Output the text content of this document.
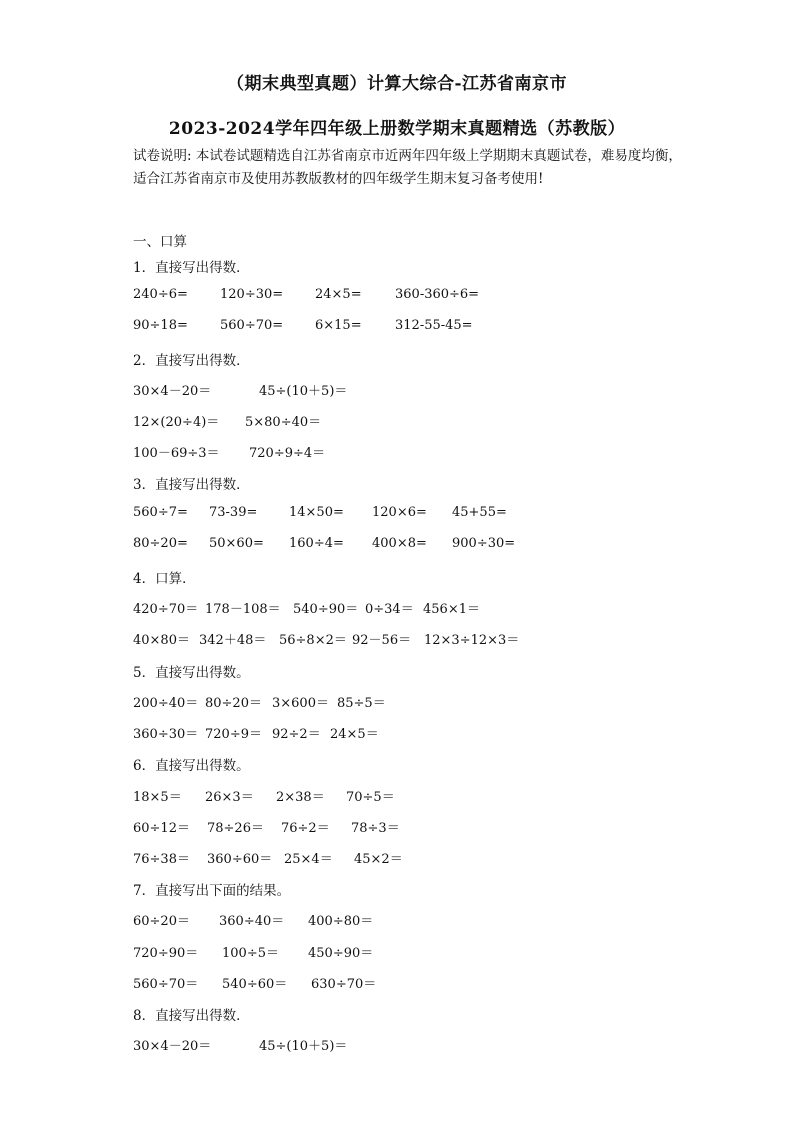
（期末典型真题）计算大综合-江苏省南京市
2023-2024学年四年级上册数学期末真题精选（苏教版）
试卷说明: 本试卷试题精选自江苏省南京市近两年四年级上学期期末真题试卷，难易度均衡，适合江苏省南京市及使用苏教版教材的四年级学生期末复习备考使用!
一、口算
1．直接写出得数．
240÷6= 120÷30= 24×5=	360-360÷6=
90÷18= 560÷70= 6×15=	312-55-45=
2．直接写出得数．
30×4－20＝	45÷(10＋5)＝
12×(20÷4)＝ 5×80÷40＝
100－69÷3＝ 720÷9÷4＝
3．直接写出得数．
560÷7= 73-39= 14×50= 120×6= 45+55=
80÷20= 50×60= 160÷4= 400×8= 900÷30=
4．口算．
420÷70＝ 178－108＝ 540÷90＝ 0÷34＝ 456×1＝
40×80＝ 342＋48＝ 56÷8×2＝ 92－56＝ 12×3÷12×3＝
5．直接写出得数。
200÷40＝ 80÷20＝ 3×600＝ 85÷5＝
360÷30＝ 720÷9＝ 92÷2＝ 24×5＝
6．直接写出得数。
18×5＝ 26×3＝ 2×38＝ 70÷5＝
60÷12＝ 78÷26＝ 76÷2＝ 78÷3＝
76÷38＝ 360÷60＝ 25×4＝ 45×2＝
7．直接写出下面的结果。
60÷20＝ 360÷40＝ 400÷80＝
720÷90＝ 100÷5＝ 450÷90＝
560÷70＝ 540÷60＝ 630÷70＝
8．直接写出得数．
30×4－20＝	45÷(10＋5)＝
